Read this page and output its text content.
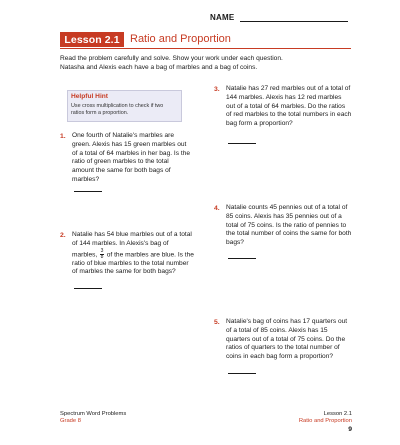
NAME
Lesson 2.1 Ratio and Proportion
Read the problem carefully and solve. Show your work under each question.
Natasha and Alexis each have a bag of marbles and a bag of coins.
Helpful Hint
Use cross multiplication to check if two ratios form a proportion.
1. One fourth of Natalie's marbles are green. Alexis has 15 green marbles out of a total of 64 marbles in her bag. Is the ratio of green marbles to the total amount the same for both bags of marbles?
2. Natalie has 54 blue marbles out of a total of 144 marbles. In Alexis's bag of marbles, $\frac{3}{8}$ of the marbles are blue. Is the ratio of blue marbles to the total number of marbles the same for both bags?
3. Natalie has 27 red marbles out of a total of 144 marbles. Alexis has 12 red marbles out of a total of 64 marbles. Do the ratios of red marbles to the total numbers in each bag form a proportion?
4. Natalie counts 45 pennies out of a total of 85 coins. Alexis has 35 pennies out of a total of 75 coins. Is the ratio of pennies to the total number of coins the same for both bags?
5. Natalie's bag of coins has 17 quarters out of a total of 85 coins. Alexis has 15 quarters out of a total of 75 coins. Do the ratios of quarters to the total number of coins in each bag form a proportion?
Spectrum Word Problems
Grade 8
Lesson 2.1
Ratio and Proportion
9
